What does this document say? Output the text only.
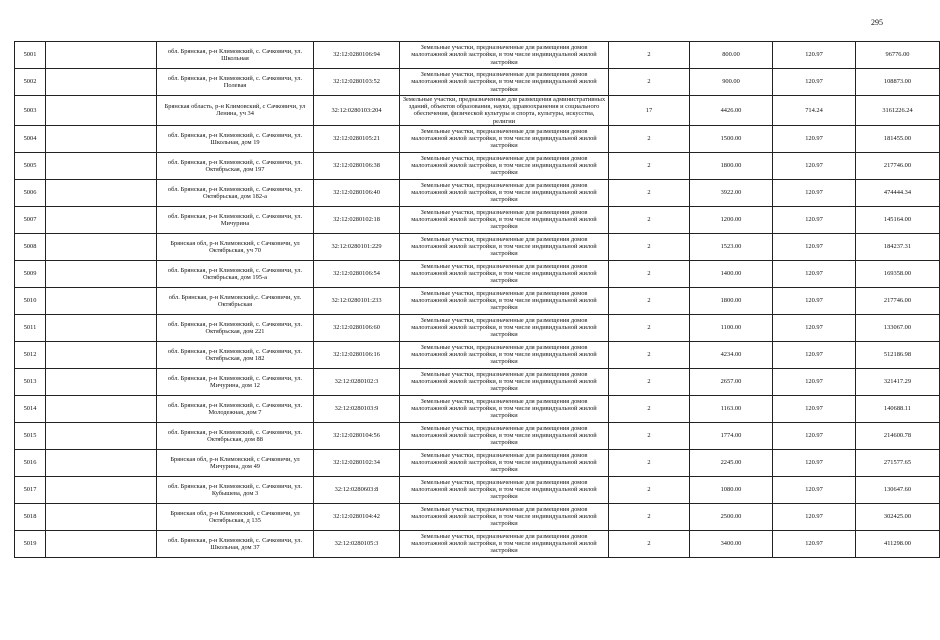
295
5001		обл. Брянская, р-н Климовский, с. Сачковичи, ул. Школьная	32:12:0280106:94	Земельные участки, предназначенные для размещения домов малоэтажной жилой застройки, в том числе индивидуальной жилой застройки	2	800.00	120.97	96776.00
5002		обл. Брянская, р-н Климовский, с. Сачковичи, ул. Полевая	32:12:0280103:52	Земельные участки, предназначенные для размещения домов малоэтажной жилой застройки, в том числе индивидуальной жилой застройки	2	900.00	120.97	108873.00
5003		Брянская область, р-н Климовский, с Сачковичи, ул Ленина, уч 34	32:12:0280103:204	Земельные участки, предназначенные для размещения административных зданий, объектов образования, науки, здравоохранения и социального обеспечения, физической культуры и спорта, культуры, искусства, религии	17	4426.00	714.24	3161226.24
5004		обл. Брянская, р-н Климовский, с. Сачковичи, ул. Школьная, дом 19	32:12:0280105:21	Земельные участки, предназначенные для размещения домов малоэтажной жилой застройки, в том числе индивидуальной жилой застройки	2	1500.00	120.97	181455.00
5005		обл. Брянская, р-н Климовский, с. Сачковичи, ул. Октябрьская, дом 197	32:12:0280106:38	Земельные участки, предназначенные для размещения домов малоэтажной жилой застройки, в том числе индивидуальной жилой застройки	2	1800.00	120.97	217746.00
5006		обл. Брянская, р-н Климовский, с. Сачковичи, ул. Октябрьская, дом 182-а	32:12:0280106:40	Земельные участки, предназначенные для размещения домов малоэтажной жилой застройки, в том числе индивидуальной жилой застройки	2	3922.00	120.97	474444.34
5007		обл. Брянская, р-н Климовский, с. Сачковичи, ул. Мичурина	32:12:0280102:18	Земельные участки, предназначенные для размещения домов малоэтажной жилой застройки, в том числе индивидуальной жилой застройки	2	1200.00	120.97	145164.00
5008		Брянская обл, р-н Климовский, с Сачковичи, ул Октябрьская, уч 70	32:12:0280101:229	Земельные участки, предназначенные для размещения домов малоэтажной жилой застройки, в том числе индивидуальной жилой застройки	2	1523.00	120.97	184237.31
5009		обл. Брянская, р-н Климовский, с. Сачковичи, ул. Октябрьская, дом 195-а	32:12:0280106:54	Земельные участки, предназначенные для размещения домов малоэтажной жилой застройки, в том числе индивидуальной жилой застройки	2	1400.00	120.97	169358.00
5010		обл. Брянская, р-н Климовский,с. Сачковичи, ул. Октябрьская	32:12:0280101:233	Земельные участки, предназначенные для размещения домов малоэтажной жилой застройки, в том числе индивидуальной жилой застройки	2	1800.00	120.97	217746.00
5011		обл. Брянская, р-н Климовский, с. Сачковичи, ул. Октябрьская, дом 221	32:12:0280106:60	Земельные участки, предназначенные для размещения домов малоэтажной жилой застройки, в том числе индивидуальной жилой застройки	2	1100.00	120.97	133067.00
5012		обл. Брянская, р-н Климовский, с. Сачковичи, ул. Октябрьская, дом 182	32:12:0280106:16	Земельные участки, предназначенные для размещения домов малоэтажной жилой застройки, в том числе индивидуальной жилой застройки	2	4234.00	120.97	512186.98
5013		обл. Брянская, р-н Климовский, с. Сачковичи, ул. Мичурина, дом 12	32:12:0280102:3	Земельные участки, предназначенные для размещения домов малоэтажной жилой застройки, в том числе индивидуальной жилой застройки	2	2657.00	120.97	321417.29
5014		обл. Брянская, р-н Климовский, с. Сачковичи, ул. Молодежная, дом 7	32:12:0280103:9	Земельные участки, предназначенные для размещения домов малоэтажной жилой застройки, в том числе индивидуальной жилой застройки	2	1163.00	120.97	140688.11
5015		обл. Брянская, р-н Климовский, с. Сачковичи, ул. Октябрьская, дом 88	32:12:0280104:56	Земельные участки, предназначенные для размещения домов малоэтажной жилой застройки, в том числе индивидуальной жилой застройки	2	1774.00	120.97	214600.78
5016		Брянская обл, р-н Климовский, с Сачковичи, ул Мичурина, дом 49	32:12:0280102:34	Земельные участки, предназначенные для размещения домов малоэтажной жилой застройки, в том числе индивидуальной жилой застройки	2	2245.00	120.97	271577.65
5017		обл. Брянская, р-н Климовский, с. Сачковичи, ул. Кубышева, дом 3	32:12:0280603:8	Земельные участки, предназначенные для размещения домов малоэтажной жилой застройки, в том числе индивидуальной жилой застройки	2	1080.00	120.97	130647.60
5018		Брянская обл, р-н Климовский, с Сачковичи, ул Октябрьская, д 135	32:12:0280104:42	Земельные участки, предназначенные для размещения домов малоэтажной жилой застройки, в том числе индивидуальной жилой застройки	2	2500.00	120.97	302425.00
5019		обл. Брянская, р-н Климовский, с. Сачковичи, ул. Школьная, дом 37	32:12:0280105:3	Земельные участки, предназначенные для размещения домов малоэтажной жилой застройки, в том числе индивидуальной жилой застройки	2	3400.00	120.97	411298.00
